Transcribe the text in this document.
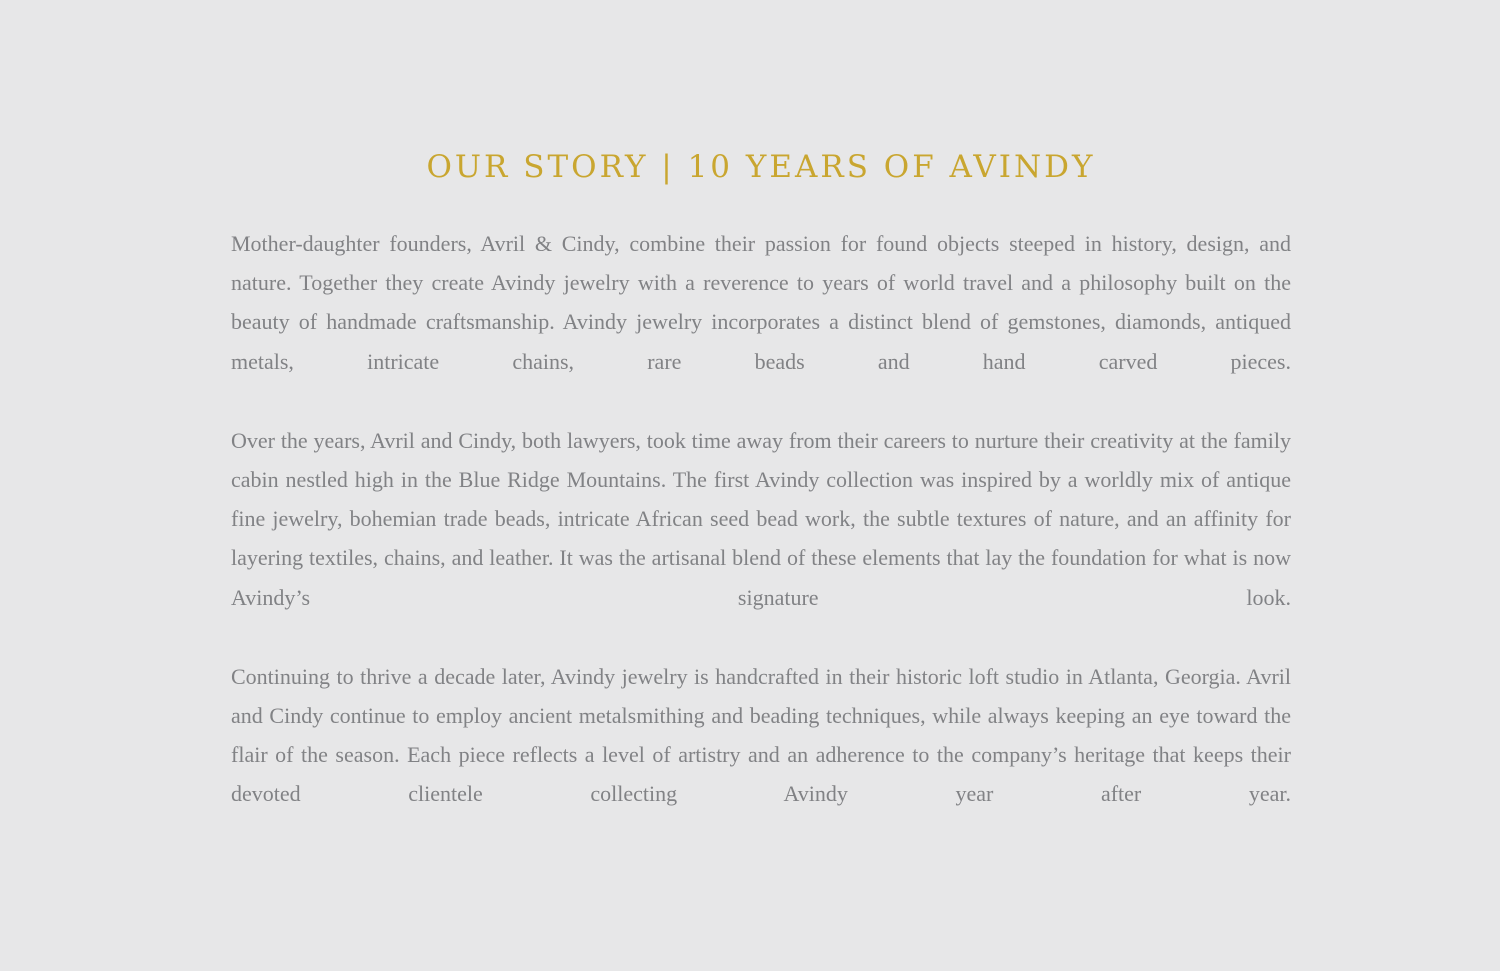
OUR STORY | 10 YEARS OF AVINDY

Mother-daughter founders, Avril & Cindy, combine their passion for found objects steeped in history, design, and nature. Together they create Avindy jewelry with a reverence to years of world travel and a philosophy built on the beauty of handmade craftsmanship. Avindy jewelry incorporates a distinct blend of gemstones, diamonds, antiqued metals, intricate chains, rare beads and hand carved pieces.

Over the years, Avril and Cindy, both lawyers, took time away from their careers to nurture their creativity at the family cabin nestled high in the Blue Ridge Mountains. The first Avindy collection was inspired by a worldly mix of antique fine jewelry, bohemian trade beads, intricate African seed bead work, the subtle textures of nature, and an affinity for layering textiles, chains, and leather. It was the artisanal blend of these elements that lay the foundation for what is now Avindy’s signature look.

Continuing to thrive a decade later, Avindy jewelry is handcrafted in their historic loft studio in Atlanta, Georgia. Avril and Cindy continue to employ ancient metalsmithing and beading techniques, while always keeping an eye toward the flair of the season. Each piece reflects a level of artistry and an adherence to the company’s heritage that keeps their devoted clientele collecting Avindy year after year.
